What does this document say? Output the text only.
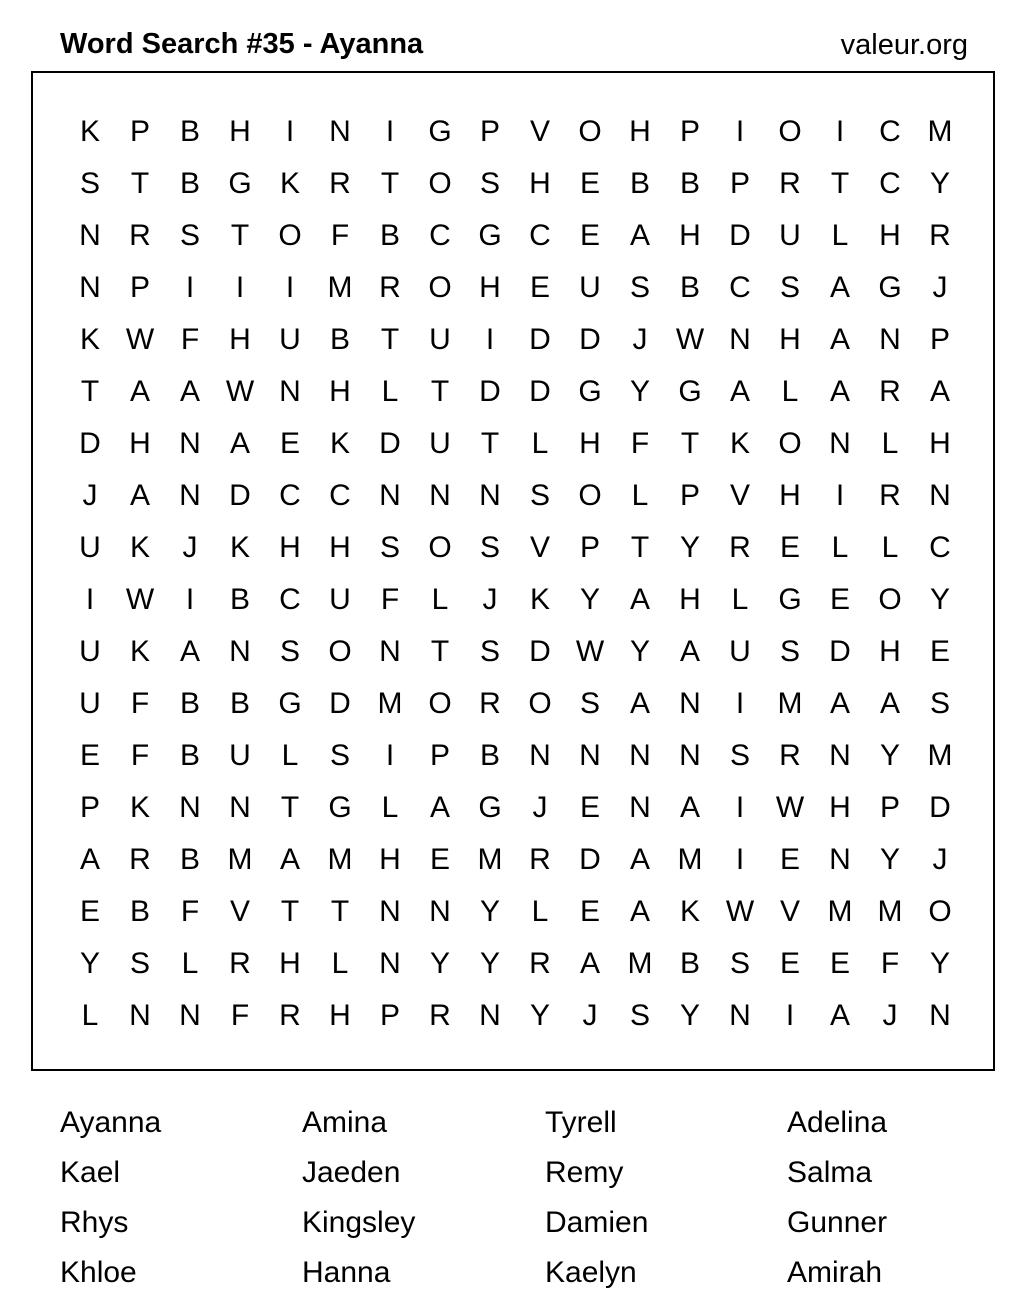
Word Search #35 - Ayanna	valeur.org
K P B H	I	N	I	G P V O H P	I	O	I	C M
S	T	B G K R	T O S H E B B P R	T	C Y
N R S	T O F	B C G C E A H D U	L	H R
N P	I	I	I	M R O H E U S B C S A G	J
K W F	H U B	T	U	I	D D	J W N H A N P
T	A A W N H	L	T	D D G Y G A	L	A R A
D H N A E K D U	T	L	H	F	T	K O N	L	H
J	A N D C C N N N S O L	P V H	I	R N
U K	J	K H H S O S V P	T	Y R E	L	L	C
I	W	I	B C U	F	L	J	K Y A H	L G E O Y
U K A N S O N	T	S D W Y A U S D H E
U	F	B B G D M O R O S A N	I	M A A S
E	F	B U	L	S	I	P B N N N N S R N Y M
P K N N	T G L	A G	J	E N A	I	W H P D
A R B M A M H E M R D A M	I	E N Y	J
E B	F	V	T	T	N N Y	L	E A K W V M M O
Y S	L	R H	L	N Y Y R A M B S E E	F	Y
L	N N	F	R H P R N Y	J	S Y N	I	A	J	N
Ayanna	Amina	Tyrell	Adelina
Kael	Jaeden	Remy	Salma
Rhys	Kingsley	Damien	Gunner
Khloe	Hanna	Kaelyn	Amirah
